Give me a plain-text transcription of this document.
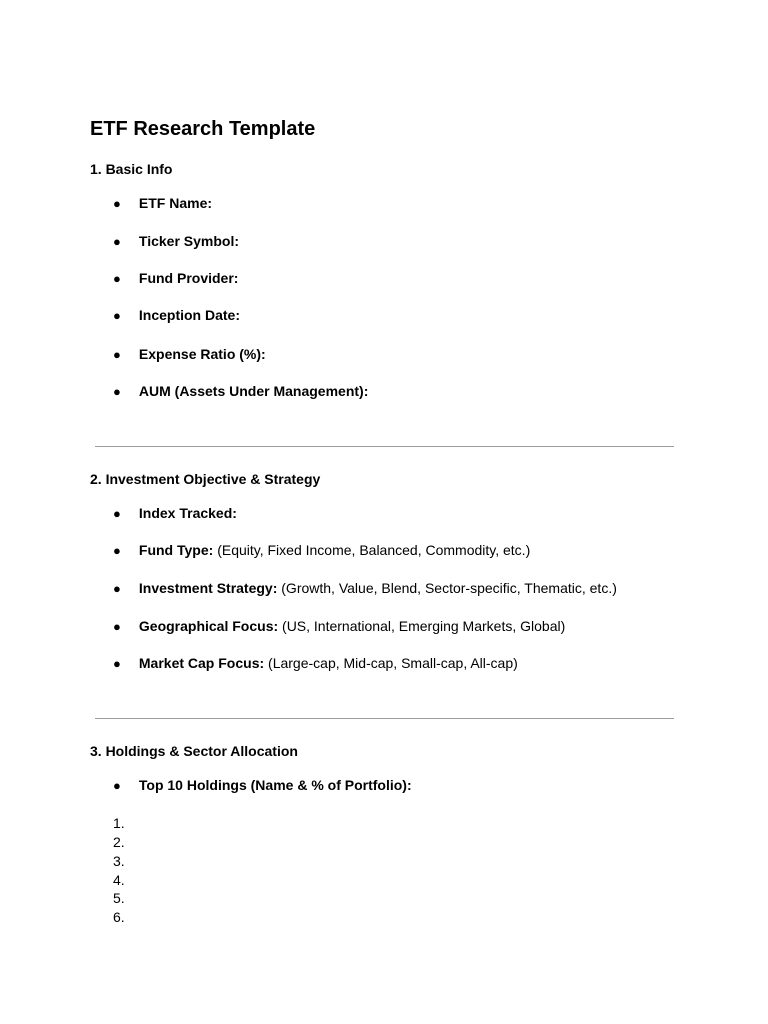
ETF Research Template
1. Basic Info
● ETF Name:
● Ticker Symbol:
● Fund Provider:
● Inception Date:
● Expense Ratio (%):
● AUM (Assets Under Management):
2. Investment Objective & Strategy
● Index Tracked:
● Fund Type: (Equity, Fixed Income, Balanced, Commodity, etc.)
● Investment Strategy: (Growth, Value, Blend, Sector-specific, Thematic, etc.)
● Geographical Focus: (US, International, Emerging Markets, Global)
● Market Cap Focus: (Large-cap, Mid-cap, Small-cap, All-cap)
3. Holdings & Sector Allocation
● Top 10 Holdings (Name & % of Portfolio):
1.
2.
3.
4.
5.
6.
